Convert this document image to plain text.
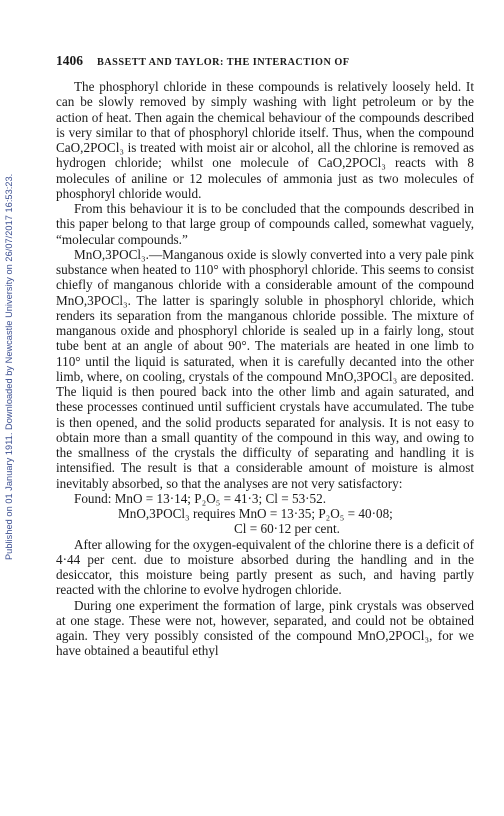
Published on 01 January 1911. Downloaded by Newcastle University on 26/07/2017 16:53:23.
1406 BASSETT AND TAYLOR: THE INTERACTION OF

The phosphoryl chloride in these compounds is relatively loosely held. It can be slowly removed by simply washing with light petroleum or by the action of heat. Then again the chemical behaviour of the compounds described is very similar to that of phosphoryl chloride itself. Thus, when the compound CaO,2POCl₃ is treated with moist air or alcohol, all the chlorine is removed as hydrogen chloride; whilst one molecule of CaO,2POCl₃ reacts with 8 molecules of aniline or 12 molecules of ammonia just as two molecules of phosphoryl chloride would.

From this behaviour it is to be concluded that the compounds described in this paper belong to that large group of compounds called, somewhat vaguely, “molecular compounds.”

MnO,3POCl₃.—Manganous oxide is slowly converted into a very pale pink substance when heated to 110° with phosphoryl chloride. This seems to consist chiefly of manganous chloride with a considerable amount of the compound MnO,3POCl₃. The latter is sparingly soluble in phosphoryl chloride, which renders its separation from the manganous chloride possible. The mixture of manganous oxide and phosphoryl chloride is sealed up in a fairly long, stout tube bent at an angle of about 90°. The materials are heated in one limb to 110° until the liquid is saturated, when it is carefully decanted into the other limb, where, on cooling, crystals of the compound MnO,3POCl₃ are deposited. The liquid is then poured back into the other limb and again saturated, and these processes continued until sufficient crystals have accumulated. The tube is then opened, and the solid products separated for analysis. It is not easy to obtain more than a small quantity of the compound in this way, and owing to the smallness of the crystals the difficulty of separating and handling it is intensified. The result is that a considerable amount of moisture is almost inevitably absorbed, so that the analyses are not very satisfactory:

Found: MnO = 13·14; P₂O₅ = 41·3; Cl = 53·52.

MnO,3POCl₃ requires MnO = 13·35; P₂O₅ = 40·08;

Cl = 60·12 per cent.

After allowing for the oxygen-equivalent of the chlorine there is a deficit of 4·44 per cent. due to moisture absorbed during the handling and in the desiccator, this moisture being partly present as such, and having partly reacted with the chlorine to evolve hydrogen chloride.

During one experiment the formation of large, pink crystals was observed at one stage. These were not, however, separated, and could not be obtained again. They very possibly consisted of the compound MnO,2POCl₃, for we have obtained a beautiful ethyl
